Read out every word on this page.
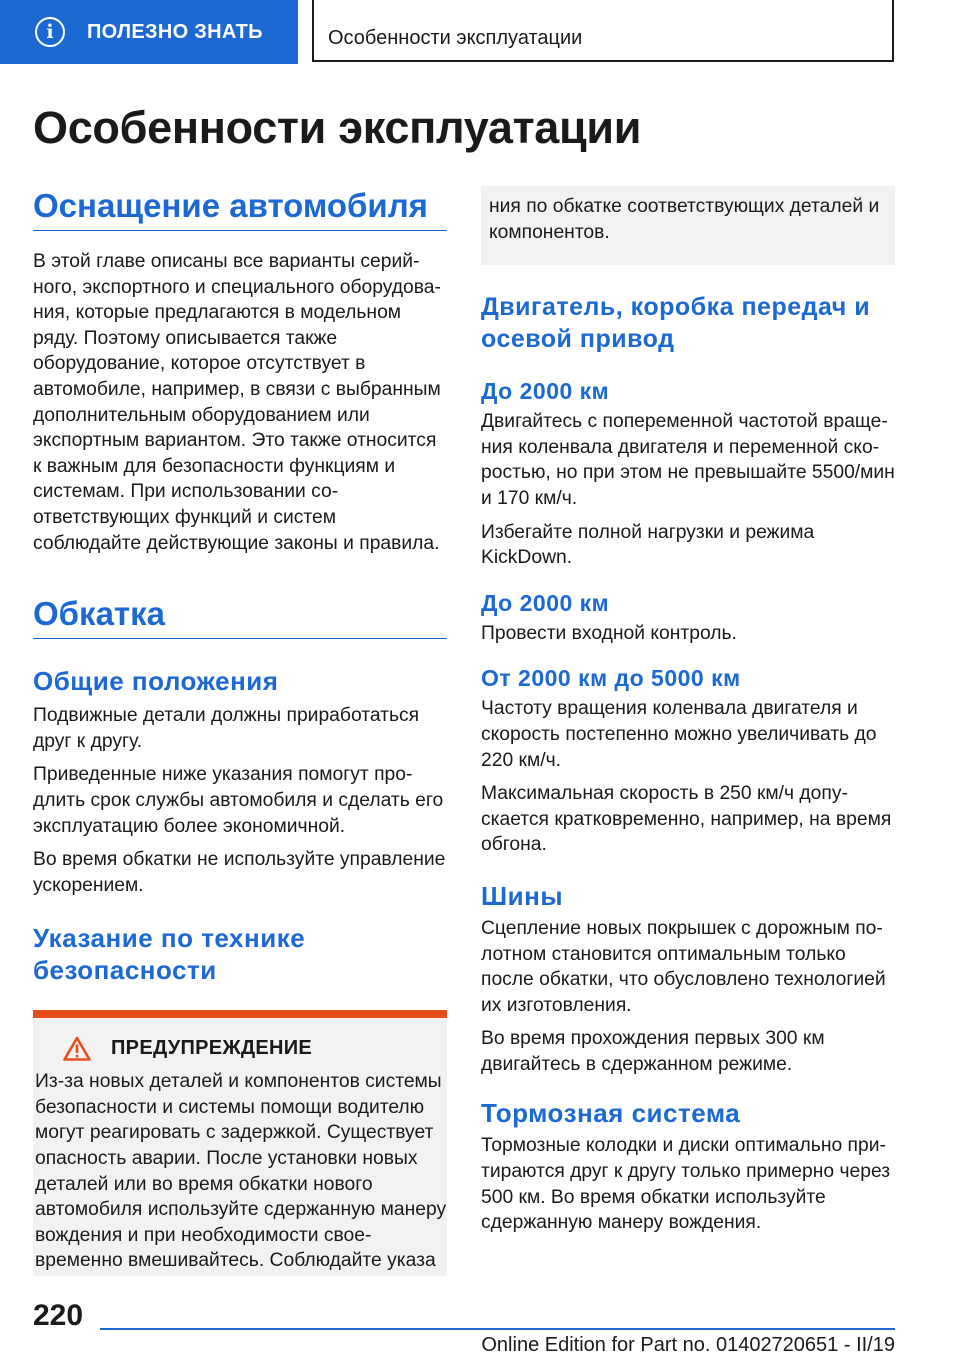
i	ПОЛЕЗНО ЗНАТЬ	Особенности эксплуатации
Особенности эксплуатации
Оснащение автомобиля

В этой главе описаны все варианты серийного, экспортного и специального оборудования, которые предлагаются в модельном ряду. Поэтому описывается также оборудование, которое отсутствует в автомобиле, например, в связи с выбранным дополнительным оборудованием или экспортным вариантом. Это также относится к важным для безопасности функциям и системам. При использовании соответствующих функций и систем соблюдайте действующие законы и правила.

Обкатка
Общие положения

Подвижные детали должны приработаться друг к другу.

Приведенные ниже указания помогут продлить срок службы автомобиля и сделать его эксплуатацию более экономичной.

Во время обкатки не используйте управление ускорением.

Указание по технике безопасности
ПРЕДУПРЕЖДЕНИЕ

Из-за новых деталей и компонентов системы безопасности и системы помощи водителю могут реагировать с задержкой. Существует опасность аварии. После установки новых деталей или во время обкатки нового автомобиля используйте сдержанную манеру вождения и при необходимости своевременно вмешивайтесь. Соблюдайте указа

ния по обкатке соответствующих деталей и компонентов.

Двигатель, коробка передач и осевой привод
До 2000 км

Двигайтесь с попеременной частотой вращения коленвала двигателя и переменной скоростью, но при этом не превышайте 5500/мин и 170 км/ч.

Избегайте полной нагрузки и режима KickDown.

До 2000 км

Провести входной контроль.

От 2000 км до 5000 км

Частоту вращения коленвала двигателя и скорость постепенно можно увеличивать до 220 км/ч.

Максимальная скорость в 250 км/ч допускается кратковременно, например, на время обгона.

Шины

Сцепление новых покрышек с дорожным полотном становится оптимальным только после обкатки, что обусловлено технологией их изготовления.

Во время прохождения первых 300 км двигайтесь в сдержанном режиме.

Тормозная система

Тормозные колодки и диски оптимально притираются друг к другу только примерно через 500 км. Во время обкатки используйте сдержанную манеру вождения.

220
Online Edition for Part no. 01402720651 - II/19
